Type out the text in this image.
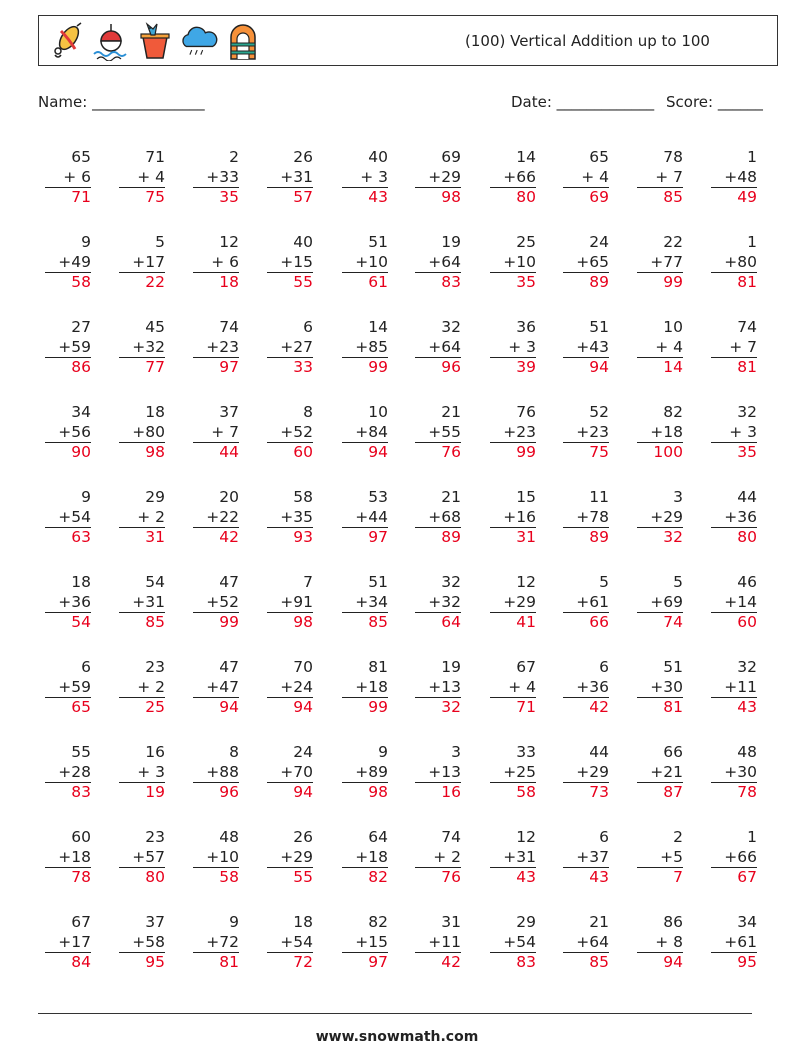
(100) Vertical Addition up to 100
Name: _______________	Date: _____________ Score: ______
65
+ 6
71
71
+ 4
75
2
+33
35
26
+31
57
40
+ 3
43
69
+29
98
14
+66
80
65
+ 4
69
78
+ 7
85
1
+48
49
9
+49
58
5
+17
22
12
+ 6
18
40
+15
55
51
+10
61
19
+64
83
25
+10
35
24
+65
89
22
+77
99
1
+80
81
27
+59
86
45
+32
77
74
+23
97
6
+27
33
14
+85
99
32
+64
96
36
+ 3
39
51
+43
94
10
+ 4
14
74
+ 7
81
34
+56
90
18
+80
98
37
+ 7
44
8
+52
60
10
+84
94
21
+55
76
76
+23
99
52
+23
75
82
+18
100
32
+ 3
35
9
+54
63
29
+ 2
31
20
+22
42
58
+35
93
53
+44
97
21
+68
89
15
+16
31
11
+78
89
3
+29
32
44
+36
80
18
+36
54
54
+31
85
47
+52
99
7
+91
98
51
+34
85
32
+32
64
12
+29
41
5
+61
66
5
+69
74
46
+14
60
6
+59
65
23
+ 2
25
47
+47
94
70
+24
94
81
+18
99
19
+13
32
67
+ 4
71
6
+36
42
51
+30
81
32
+11
43
55
+28
83
16
+ 3
19
8
+88
96
24
+70
94
9
+89
98
3
+13
16
33
+25
58
44
+29
73
66
+21
87
48
+30
78
60
+18
78
23
+57
80
48
+10
58
26
+29
55
64
+18
82
74
+ 2
76
12
+31
43
6
+37
43
2
+5
7
1
+66
67
67
+17
84
37
+58
95
9
+72
81
18
+54
72
82
+15
97
31
+11
42
29
+54
83
21
+64
85
86
+ 8
94
34
+61
95
www.snowmath.com
